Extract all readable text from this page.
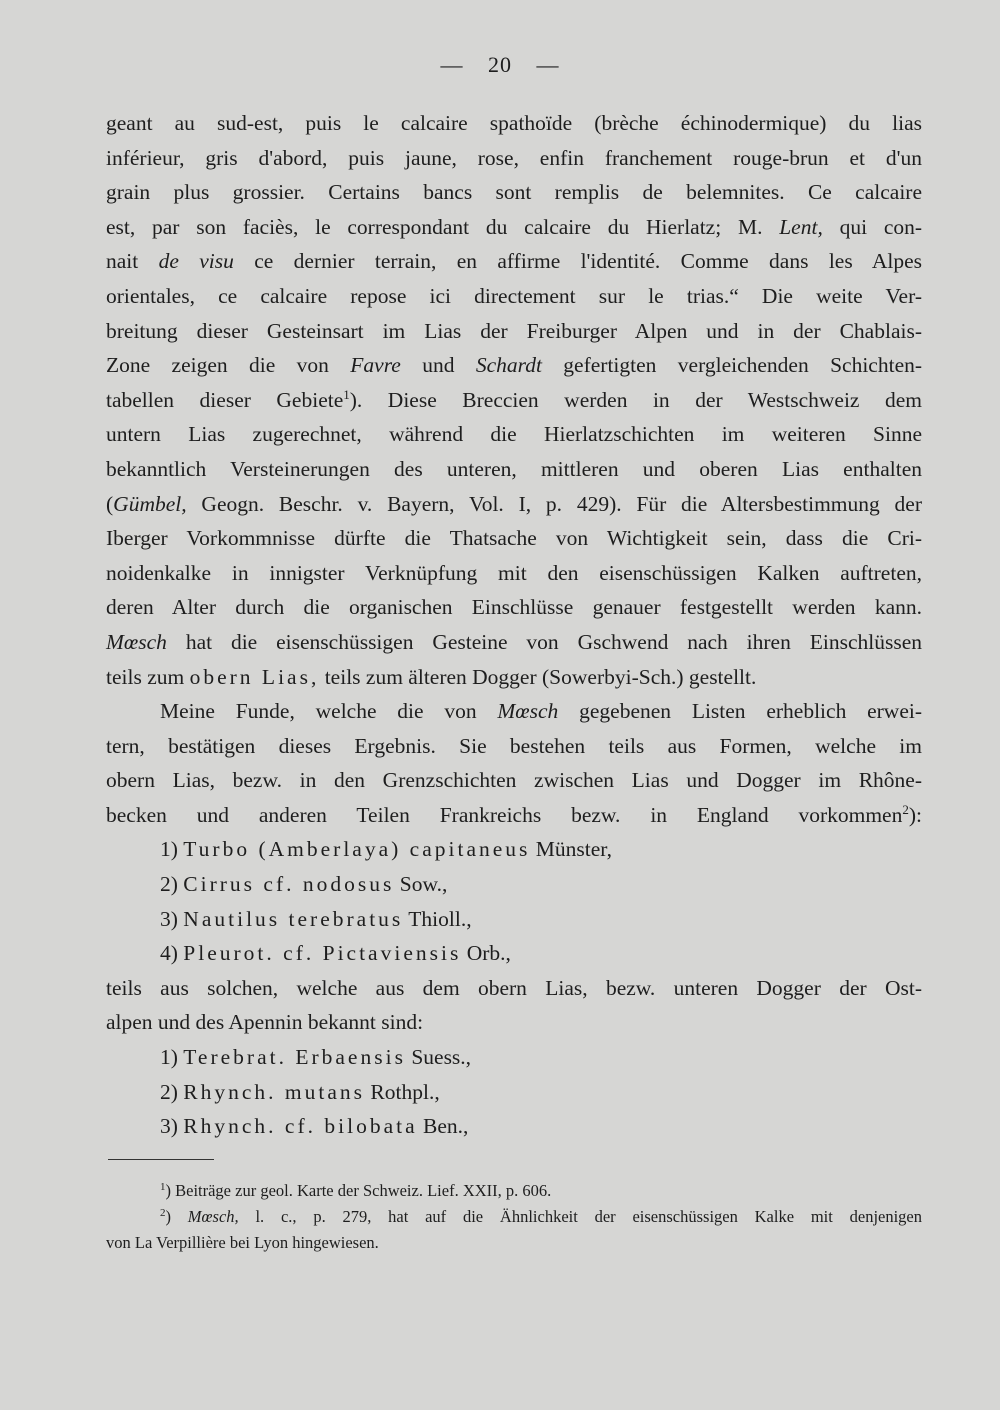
— 20 —
geant au sud-est, puis le calcaire spathoïde (brèche échinodermique) du lias
inférieur, gris d'abord, puis jaune, rose, enfin franchement rouge-brun et d'un
grain plus grossier. Certains bancs sont remplis de belemnites. Ce calcaire
est, par son faciès, le correspondant du calcaire du Hierlatz; M. Lent, qui con-
nait de visu ce dernier terrain, en affirme l'identité. Comme dans les Alpes
orientales, ce calcaire repose ici directement sur le trias.“ Die weite Ver-
breitung dieser Gesteinsart im Lias der Freiburger Alpen und in der Chablais-
Zone zeigen die von Favre und Schardt gefertigten vergleichenden Schichten-
tabellen dieser Gebiete$^1$). Diese Breccien werden in der Westschweiz dem
untern Lias zugerechnet, während die Hierlatzschichten im weiteren Sinne
bekanntlich Versteinerungen des unteren, mittleren und oberen Lias enthalten
(Gümbel, Geogn. Beschr. v. Bayern, Vol. I, p. 429). Für die Altersbestimmung der
Iberger Vorkommnisse dürfte die Thatsache von Wichtigkeit sein, dass die Cri-
noidenkalke in innigster Verknüpfung mit den eisenschüssigen Kalken auftreten,
deren Alter durch die organischen Einschlüsse genauer festgestellt werden kann.
Mœsch hat die eisenschüssigen Gesteine von Gschwend nach ihren Einschlüssen
teils zum obern Lias, teils zum älteren Dogger (Sowerbyi-Sch.) gestellt.
Meine Funde, welche die von Mœsch gegebenen Listen erheblich erwei-
tern, bestätigen dieses Ergebnis. Sie bestehen teils aus Formen, welche im
obern Lias, bezw. in den Grenzschichten zwischen Lias und Dogger im Rhône-
becken und anderen Teilen Frankreichs bezw. in England vorkommen$^2$):
1) Turbo (Amberlaya) capitaneus Münster,
2) Cirrus cf. nodosus Sow.,
3) Nautilus terebratus Thioll.,
4) Pleurot. cf. Pictaviensis Orb.,
teils aus solchen, welche aus dem obern Lias, bezw. unteren Dogger der Ost-
alpen und des Apennin bekannt sind:
1) Terebrat. Erbaensis Suess.,
2) Rhynch. mutans Rothpl.,
3) Rhynch. cf. bilobata Ben.,
$^1$) Beiträge zur geol. Karte der Schweiz. Lief. XXII, p. 606.
$^2$) Mœsch, l. c., p. 279, hat auf die Ähnlichkeit der eisenschüssigen Kalke mit denjenigen
von La Verpillière bei Lyon hingewiesen.
